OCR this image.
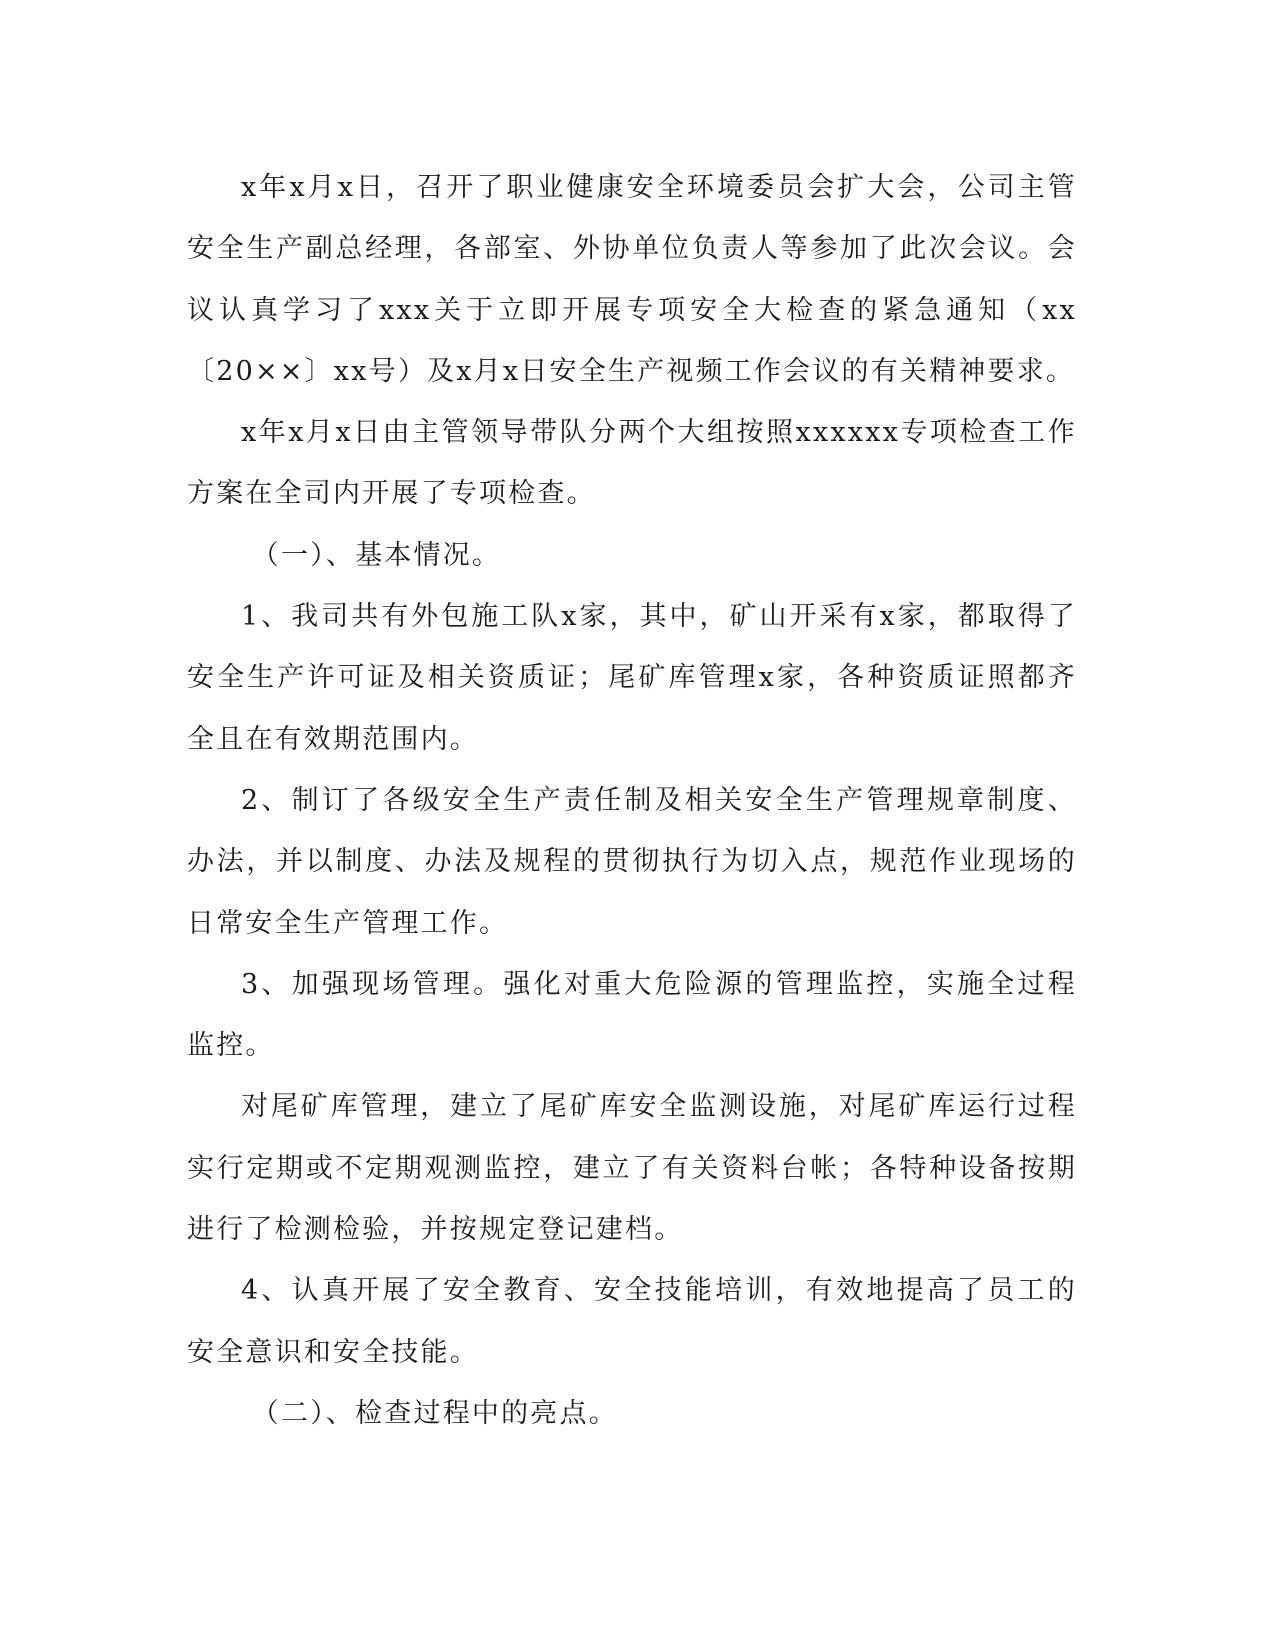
x年x月x日，召开了职业健康安全环境委员会扩大会，公司主管安全生产副总经理，各部室、外协单位负责人等参加了此次会议。会议认真学习了xxx关于立即开展专项安全大检查的紧急通知（xx〔20××〕xx号）及x月x日安全生产视频工作会议的有关精神要求。

x年x月x日由主管领导带队分两个大组按照xxxxxx专项检查工作方案在全司内开展了专项检查。

（一）、基本情况。

1、我司共有外包施工队x家，其中，矿山开采有x家，都取得了安全生产许可证及相关资质证；尾矿库管理x家，各种资质证照都齐全且在有效期范围内。

2、制订了各级安全生产责任制及相关安全生产管理规章制度、办法，并以制度、办法及规程的贯彻执行为切入点，规范作业现场的日常安全生产管理工作。

3、加强现场管理。强化对重大危险源的管理监控，实施全过程监控。

对尾矿库管理，建立了尾矿库安全监测设施，对尾矿库运行过程实行定期或不定期观测监控，建立了有关资料台帐；各特种设备按期进行了检测检验，并按规定登记建档。

4、认真开展了安全教育、安全技能培训，有效地提高了员工的安全意识和安全技能。

（二）、检查过程中的亮点。
